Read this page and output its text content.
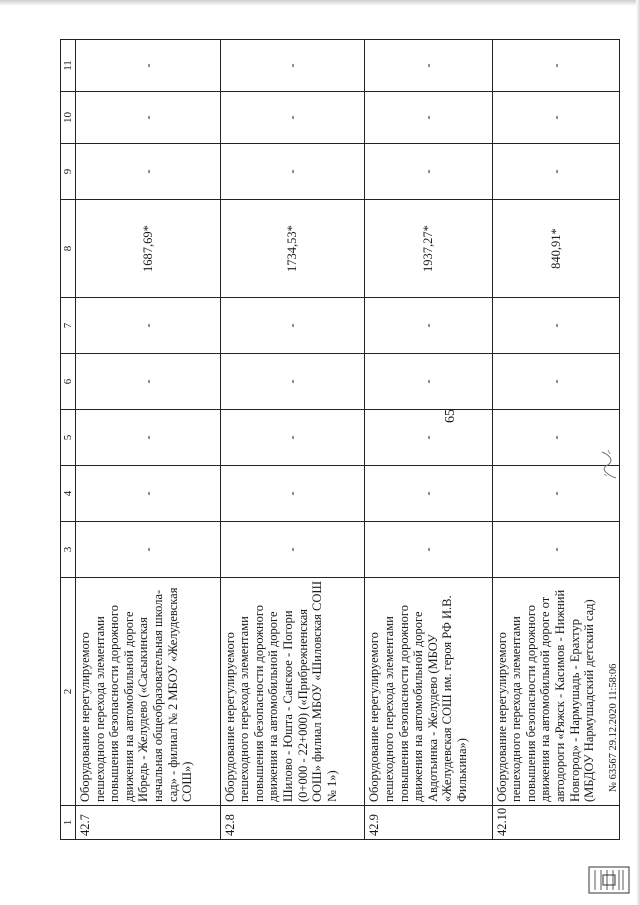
65
1	2	3	4	5	6	7	8	9	10	11
42.7	Оборудование нерегулируемого пешеходного перехода элементами повышения безопасности дорожного движения на автомобильной дороге Ибредь - Желудево («Сасыкинская начальная общеобразовательная школа-сад» - филиал № 2 МБОУ «Желудевская СОШ»)	-	-	-	-	-	1687,69*	-	-	-
42.8	Оборудование нерегулируемого пешеходного перехода элементами повышения безопасности дорожного движения на автомобильной дороге Шилово - Юшта - Санское - Погори (0+000 - 22+000) («Прибрежненская ООШ» филиал МБОУ «Шиловская СОШ № 1»)	-	-	-	-	-	1734,53*	-	-	-
42.9	Оборудование нерегулируемого пешеходного перехода элементами повышения безопасности дорожного движения на автомобильной дороге Авдотьинка - Желудево (МБОУ «Желудевская СОШ им. героя РФ И.В. Филькина»)	-	-	-	-	-	1937,27*	-	-	-
42.10	Оборудование нерегулируемого пешеходного перехода элементами повышения безопасности дорожного движения на автомобильной дороге от автодороги «Ряжск - Касимов - Нижний Новгород» - Нармушадь - Ерахтур (МБДОУ Нармушадский детский сад)	-	-	-	-	-	840,91*	-	-	-
№ 63567 29.12.2020 11:58:06
